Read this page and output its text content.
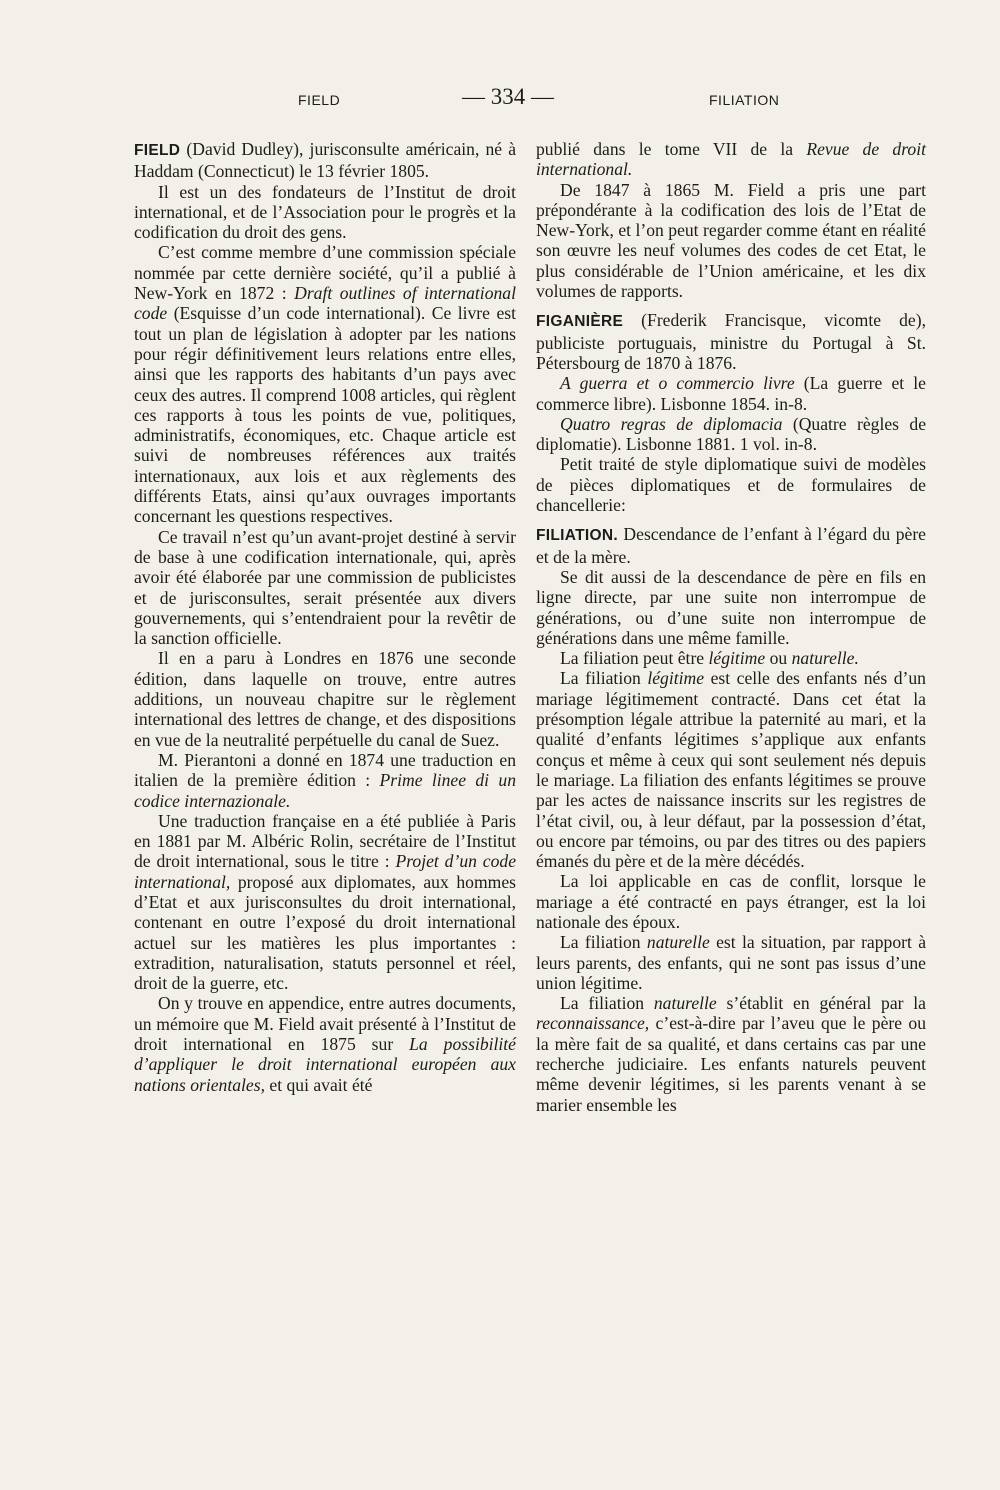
FIELD	— 334 —	FILIATION

FIELD (David Dudley), jurisconsulte américain, né à Haddam (Connecticut) le 13 février 1805.

Il est un des fondateurs de l’Institut de droit international, et de l’Association pour le progrès et la codification du droit des gens.

C’est comme membre d’une commission spéciale nommée par cette dernière société, qu’il a publié à New-York en 1872 : Draft outlines of international code (Esquisse d’un code international). Ce livre est tout un plan de législation à adopter par les nations pour régir définitivement leurs relations entre elles, ainsi que les rapports des habitants d’un pays avec ceux des autres. Il comprend 1008 articles, qui règlent ces rapports à tous les points de vue, politiques, administratifs, économiques, etc. Chaque article est suivi de nombreuses références aux traités internationaux, aux lois et aux règlements des différents Etats, ainsi qu’aux ouvrages importants concernant les questions respectives.

Ce travail n’est qu’un avant-projet destiné à servir de base à une codification internationale, qui, après avoir été élaborée par une commission de publicistes et de jurisconsultes, serait présentée aux divers gouvernements, qui s’entendraient pour la revêtir de la sanction officielle.

Il en a paru à Londres en 1876 une seconde édition, dans laquelle on trouve, entre autres additions, un nouveau chapitre sur le règlement international des lettres de change, et des dispositions en vue de la neutralité perpétuelle du canal de Suez.

M. Pierantoni a donné en 1874 une traduction en italien de la première édition : Prime linee di un codice internazionale.

Une traduction française en a été publiée à Paris en 1881 par M. Albéric Rolin, secrétaire de l’Institut de droit international, sous le titre : Projet d’un code international, proposé aux diplomates, aux hommes d’Etat et aux jurisconsultes du droit international, contenant en outre l’exposé du droit international actuel sur les matières les plus importantes : extradition, naturalisation, statuts personnel et réel, droit de la guerre, etc.

On y trouve en appendice, entre autres documents, un mémoire que M. Field avait présenté à l’Institut de droit international en 1875 sur La possibilité d’appliquer le droit international européen aux nations orientales, et qui avait été

publié dans le tome VII de la Revue de droit international.

De 1847 à 1865 M. Field a pris une part prépondérante à la codification des lois de l’Etat de New-York, et l’on peut regarder comme étant en réalité son œuvre les neuf volumes des codes de cet Etat, le plus considérable de l’Union américaine, et les dix volumes de rapports.

FIGANIÈRE (Frederik Francisque, vicomte de), publiciste portuguais, ministre du Portugal à St. Pétersbourg de 1870 à 1876.

A guerra et o commercio livre (La guerre et le commerce libre). Lisbonne 1854. in-8.

Quatro regras de diplomacia (Quatre règles de diplomatie). Lisbonne 1881. 1 vol. in-8.

Petit traité de style diplomatique suivi de modèles de pièces diplomatiques et de formulaires de chancellerie:

FILIATION. Descendance de l’enfant à l’égard du père et de la mère.

Se dit aussi de la descendance de père en fils en ligne directe, par une suite non interrompue de générations, ou d’une suite non interrompue de générations dans une même famille.

La filiation peut être légitime ou naturelle.

La filiation légitime est celle des enfants nés d’un mariage légitimement contracté. Dans cet état la présomption légale attribue la paternité au mari, et la qualité d’enfants légitimes s’applique aux enfants conçus et même à ceux qui sont seulement nés depuis le mariage. La filiation des enfants légitimes se prouve par les actes de naissance inscrits sur les registres de l’état civil, ou, à leur défaut, par la possession d’état, ou encore par témoins, ou par des titres ou des papiers émanés du père et de la mère décédés.

La loi applicable en cas de conflit, lorsque le mariage a été contracté en pays étranger, est la loi nationale des époux.

La filiation naturelle est la situation, par rapport à leurs parents, des enfants, qui ne sont pas issus d’une union légitime.

La filiation naturelle s’établit en général par la reconnaissance, c’est-à-dire par l’aveu que le père ou la mère fait de sa qualité, et dans certains cas par une recherche judiciaire. Les enfants naturels peuvent même devenir légitimes, si les parents venant à se marier ensemble les
